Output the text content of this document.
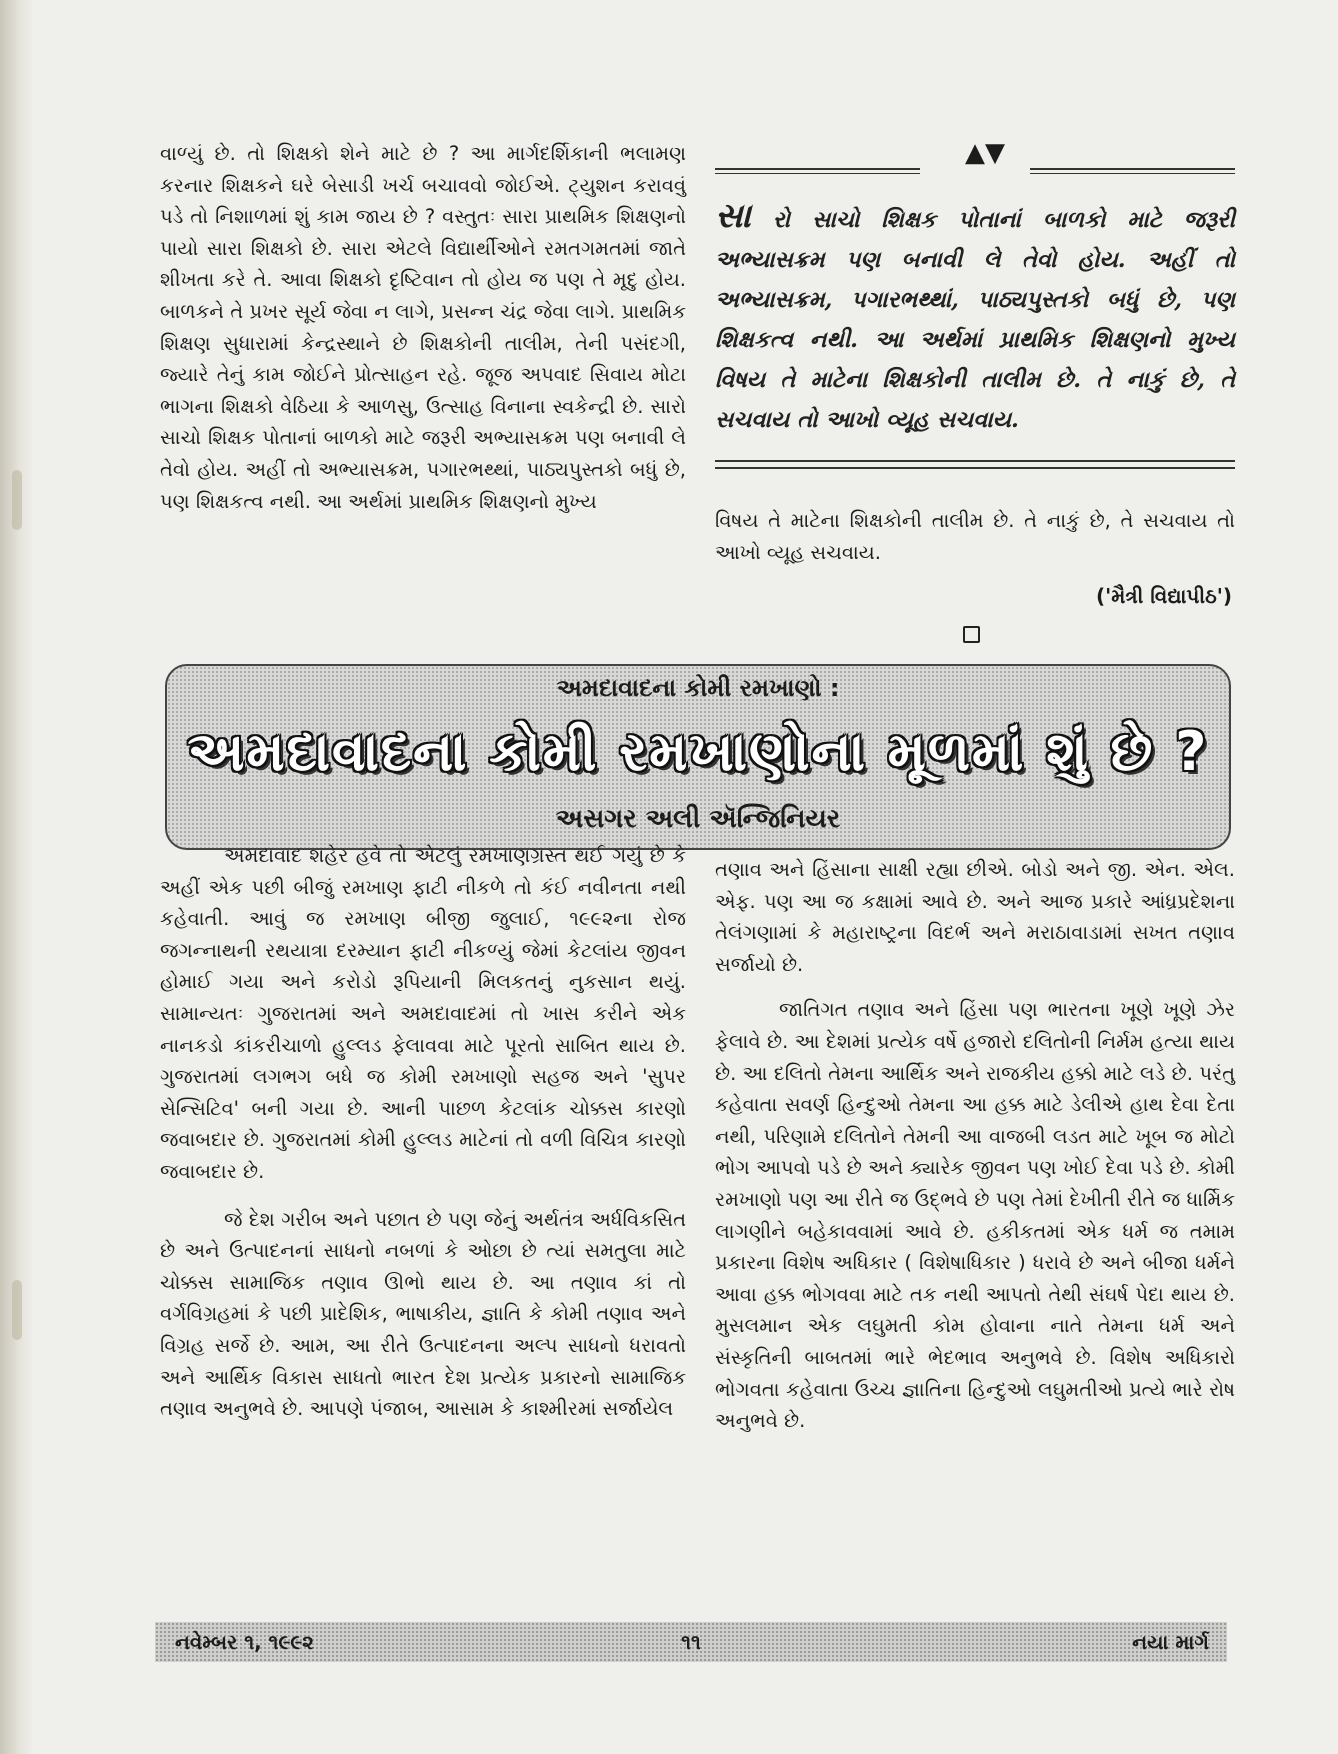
વાળ્યું છે. તો શિક્ષકો શેને માટે છે ? આ માર્ગદર્શિકાની ભલામણ કરનાર શિક્ષકને ઘરે બેસાડી ખર્ચ બચાવવો જોઈએ. ટ્યુશન કરાવવું પડે તો નિશાળમાં શું કામ જાય છે ? વસ્તુતઃ સારા પ્રાથમિક શિક્ષણનો પાયો સારા શિક્ષકો છે. સારા એટલે વિદ્યાર્થીઓને રમતગમતમાં જાતે શીખતા કરે તે. આવા શિક્ષકો દૃષ્ટિવાન તો હોય જ પણ તે મૃદુ હોય. બાળકને તે પ્રખર સૂર્ય જેવા ન લાગે, પ્રસન્ન ચંદ્ર જેવા લાગે. પ્રાથમિક શિક્ષણ સુધારામાં કેન્દ્રસ્થાને છે શિક્ષકોની તાલીમ, તેની પસંદગી, જ્યારે તેનું કામ જોઈને પ્રોત્સાહન રહે. જૂજ અપવાદ સિવાય મોટા ભાગના શિક્ષકો વેઠિયા કે આળસુ, ઉત્સાહ વિનાના સ્વકેન્દ્રી છે. સારો સાચો શિક્ષક પોતાનાં બાળકો માટે જરૂરી અભ્યાસક્રમ પણ બનાવી લે તેવો હોય. અહીં તો અભ્યાસક્રમ, પગારભથ્થાં, પાઠ્યપુસ્તકો બધું છે, પણ શિક્ષકત્વ નથી. આ અર્થમાં પ્રાથમિક શિક્ષણનો મુખ્ય

▲▼
સા રો સાચો શિક્ષક પોતાનાં બાળકો માટે જરૂરી અભ્યાસક્રમ પણ બનાવી લે તેવો હોય. અહીં તો અભ્યાસક્રમ, પગારભથ્થાં, પાઠ્યપુસ્તકો બધું છે, પણ શિક્ષકત્વ નથી. આ અર્થમાં પ્રાથમિક શિક્ષણનો મુખ્ય વિષય તે માટેના શિક્ષકોની તાલીમ છે. તે નાકું છે, તે સચવાય તો આખો વ્યૂહ સચવાય.

વિષય તે માટેના શિક્ષકોની તાલીમ છે. તે નાકું છે, તે સચવાય તો આખો વ્યૂહ સચવાય.

('મૈત્રી વિદ્યાપીઠ')
અમદાવાદના કોમી રમખાણો :
અમદાવાદના કોમી રમખાણોના મૂળમાં શું છે ?
અસગર અલી ઍન્જિનિયર

અમદાવાદ શહેર હવે તો એટલું રમખાણગ્રસ્ત થઈ ગયું છે કે અહીં એક પછી બીજું રમખાણ ફાટી નીકળે તો કંઈ નવીનતા નથી કહેવાતી. આવું જ રમખાણ બીજી જુલાઈ, ૧૯૯૨ના રોજ જગન્નાથની રથયાત્રા દરમ્યાન ફાટી નીકળ્યું જેમાં કેટલાંય જીવન હોમાઈ ગયા અને કરોડો રૂપિયાની મિલકતનું નુકસાન થયું. સામાન્યતઃ ગુજરાતમાં અને અમદાવાદમાં તો ખાસ કરીને એક નાનકડો કાંકરીચાળો હુલ્લડ ફેલાવવા માટે પૂરતો સાબિત થાય છે. ગુજરાતમાં લગભગ બધે જ કોમી રમખાણો સહજ અને 'સુપર સેન્સિટિવ' બની ગયા છે. આની પાછળ કેટલાંક ચોક્કસ કારણો જવાબદાર છે. ગુજરાતમાં કોમી હુલ્લડ માટેનાં તો વળી વિચિત્ર કારણો જવાબદાર છે.

જે દેશ ગરીબ અને પછાત છે પણ જેનું અર્થતંત્ર અર્ધવિકસિત છે અને ઉત્પાદનનાં સાધનો નબળાં કે ઓછા છે ત્યાં સમતુલા માટે ચોક્કસ સામાજિક તણાવ ઊભો થાય છે. આ તણાવ કાં તો વર્ગવિગ્રહમાં કે પછી પ્રાદેશિક, ભાષાકીય, જ્ઞાતિ કે કોમી તણાવ અને વિગ્રહ સર્જે છે. આમ, આ રીતે ઉત્પાદનના અલ્પ સાધનો ધરાવતો અને આર્થિક વિકાસ સાધતો ભારત દેશ પ્રત્યેક પ્રકારનો સામાજિક તણાવ અનુભવે છે. આપણે પંજાબ, આસામ કે કાશ્મીરમાં સર્જાયેલ

તણાવ અને હિંસાના સાક્ષી રહ્યા છીએ. બોડો અને જી. એન. એલ. એફ. પણ આ જ કક્ષામાં આવે છે. અને આજ પ્રકારે આંધ્રપ્રદેશના તેલંગણામાં કે મહારાષ્ટ્રના વિદર્ભ અને મરાઠાવાડામાં સખત તણાવ સર્જાયો છે.

જાતિગત તણાવ અને હિંસા પણ ભારતના ખૂણે ખૂણે ઝેર ફેલાવે છે. આ દેશમાં પ્રત્યેક વર્ષે હજારો દલિતોની નિર્મમ હત્યા થાય છે. આ દલિતો તેમના આર્થિક અને રાજકીય હક્કો માટે લડે છે. પરંતુ કહેવાતા સવર્ણ હિન્દુઓ તેમના આ હક્ક માટે ડેલીએ હાથ દેવા દેતા નથી, પરિણામે દલિતોને તેમની આ વાજબી લડત માટે ખૂબ જ મોટો ભોગ આપવો પડે છે અને ક્યારેક જીવન પણ ખોઈ દેવા પડે છે. કોમી રમખાણો પણ આ રીતે જ ઉદ્ભવે છે પણ તેમાં દેખીતી રીતે જ ધાર્મિક લાગણીને બહેકાવવામાં આવે છે. હકીકતમાં એક ધર્મ જ તમામ પ્રકારના વિશેષ અધિકાર ( વિશેષાધિકાર ) ધરાવે છે અને બીજા ધર્મને આવા હક્ક ભોગવવા માટે તક નથી આપતો તેથી સંઘર્ષ પેદા થાય છે. મુસલમાન એક લઘુમતી કોમ હોવાના નાતે તેમના ધર્મ અને સંસ્કૃતિની બાબતમાં ભારે ભેદભાવ અનુભવે છે. વિશેષ અધિકારો ભોગવતા કહેવાતા ઉચ્ચ જ્ઞાતિના હિન્દુઓ લઘુમતીઓ પ્રત્યે ભારે રોષ અનુભવે છે.

નવેમ્બર ૧, ૧૯૯૨	૧૧	નયા માર્ગ
